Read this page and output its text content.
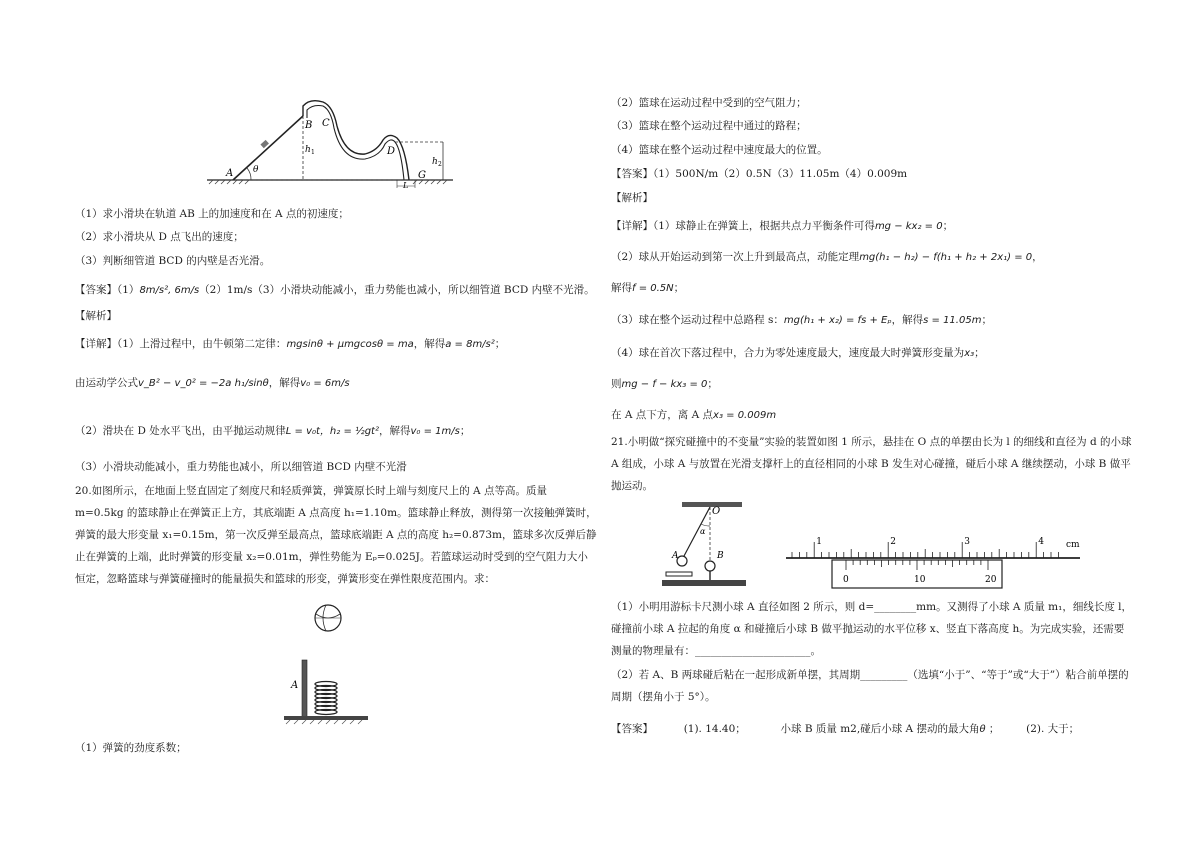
A θ
B C
D
G
h 1
h 2
L
（1）求小滑块在轨道 AB 上的加速度和在 A 点的初速度；
（2）求小滑块从 D 点飞出的速度；
（3）判断细管道 BCD 的内壁是否光滑。
【答案】（1）8m/s², 6m/s（2）1m/s（3）小滑块动能减小，重力势能也减小，所以细管道 BCD 内壁不光滑。
【解析】
【详解】（1）上滑过程中，由牛顿第二定律：mgsinθ + μmgcosθ = ma，解得a = 8m/s²；
由运动学公式v_B² − v_0² = −2a h₁/sinθ，解得v₀ = 6m/s
（2）滑块在 D 处水平飞出，由平抛运动规律L = v₀t，h₂ = ½gt²，解得v₀ = 1m/s；
（3）小滑块动能减小，重力势能也减小，所以细管道 BCD 内壁不光滑
20.如图所示，在地面上竖直固定了刻度尺和轻质弹簧，弹簧原长时上端与刻度尺上的 A 点等高。质量 m=0.5kg 的篮球静止在弹簧正上方，其底端距 A 点高度 h₁=1.10m。篮球静止释放，测得第一次接触弹簧时，弹簧的最大形变量 x₁=0.15m，第一次反弹至最高点，篮球底端距 A 点的高度 h₂=0.873m，篮球多次反弹后静止在弹簧的上端，此时弹簧的形变量 x₂=0.01m，弹性势能为 Eₚ=0.025J。若篮球运动时受到的空气阻力大小恒定，忽略篮球与弹簧碰撞时的能量损失和篮球的形变，弹簧形变在弹性限度范围内。求：
A
（1）弹簧的劲度系数；
（2）篮球在运动过程中受到的空气阻力；
（3）篮球在整个运动过程中通过的路程；
（4）篮球在整个运动过程中速度最大的位置。
【答案】（1）500N/m（2）0.5N（3）11.05m（4）0.009m
【解析】
【详解】（1）球静止在弹簧上，根据共点力平衡条件可得mg − kx₂ = 0；
（2）球从开始运动到第一次上升到最高点，动能定理mg(h₁ − h₂) − f(h₁ + h₂ + 2x₁) = 0，
解得f = 0.5N；
（3）球在整个运动过程中总路程 s：mg(h₁ + x₂) = fs + Eₚ，解得s = 11.05m；
（4）球在首次下落过程中，合力为零处速度最大，速度最大时弹簧形变量为x₃；
则mg − f − kx₃ = 0；
在 A 点下方，离 A 点x₃ = 0.009m
21.小明做“探究碰撞中的不变量”实验的装置如图 1 所示，悬挂在 O 点的单摆由长为 l 的细线和直径为 d 的小球 A 组成，小球 A 与放置在光滑支撑杆上的直径相同的小球 B 发生对心碰撞，碰后小球 A 继续摆动，小球 B 做平抛运动。
O
α
A	B
1	2	3	4 cm
0	10	20
（1）小明用游标卡尺测小球 A 直径如图 2 所示，则 d=________mm。又测得了小球 A 质量 m₁，细线长度 l，碰撞前小球 A 拉起的角度 α 和碰撞后小球 B 做平抛运动的水平位移 x、竖直下落高度 h。为完成实验，还需要测量的物理量有：______________________。
（2）若 A、B 两球碰后粘在一起形成新单摆，其周期_________（选填“小于”、“等于”或“大于”）粘合前单摆的周期（摆角小于 5°）。
【答案】	(1). 14.40；	小球 B 质量 m2,碰后小球 A 摆动的最大角θ ；	(2). 大于；
